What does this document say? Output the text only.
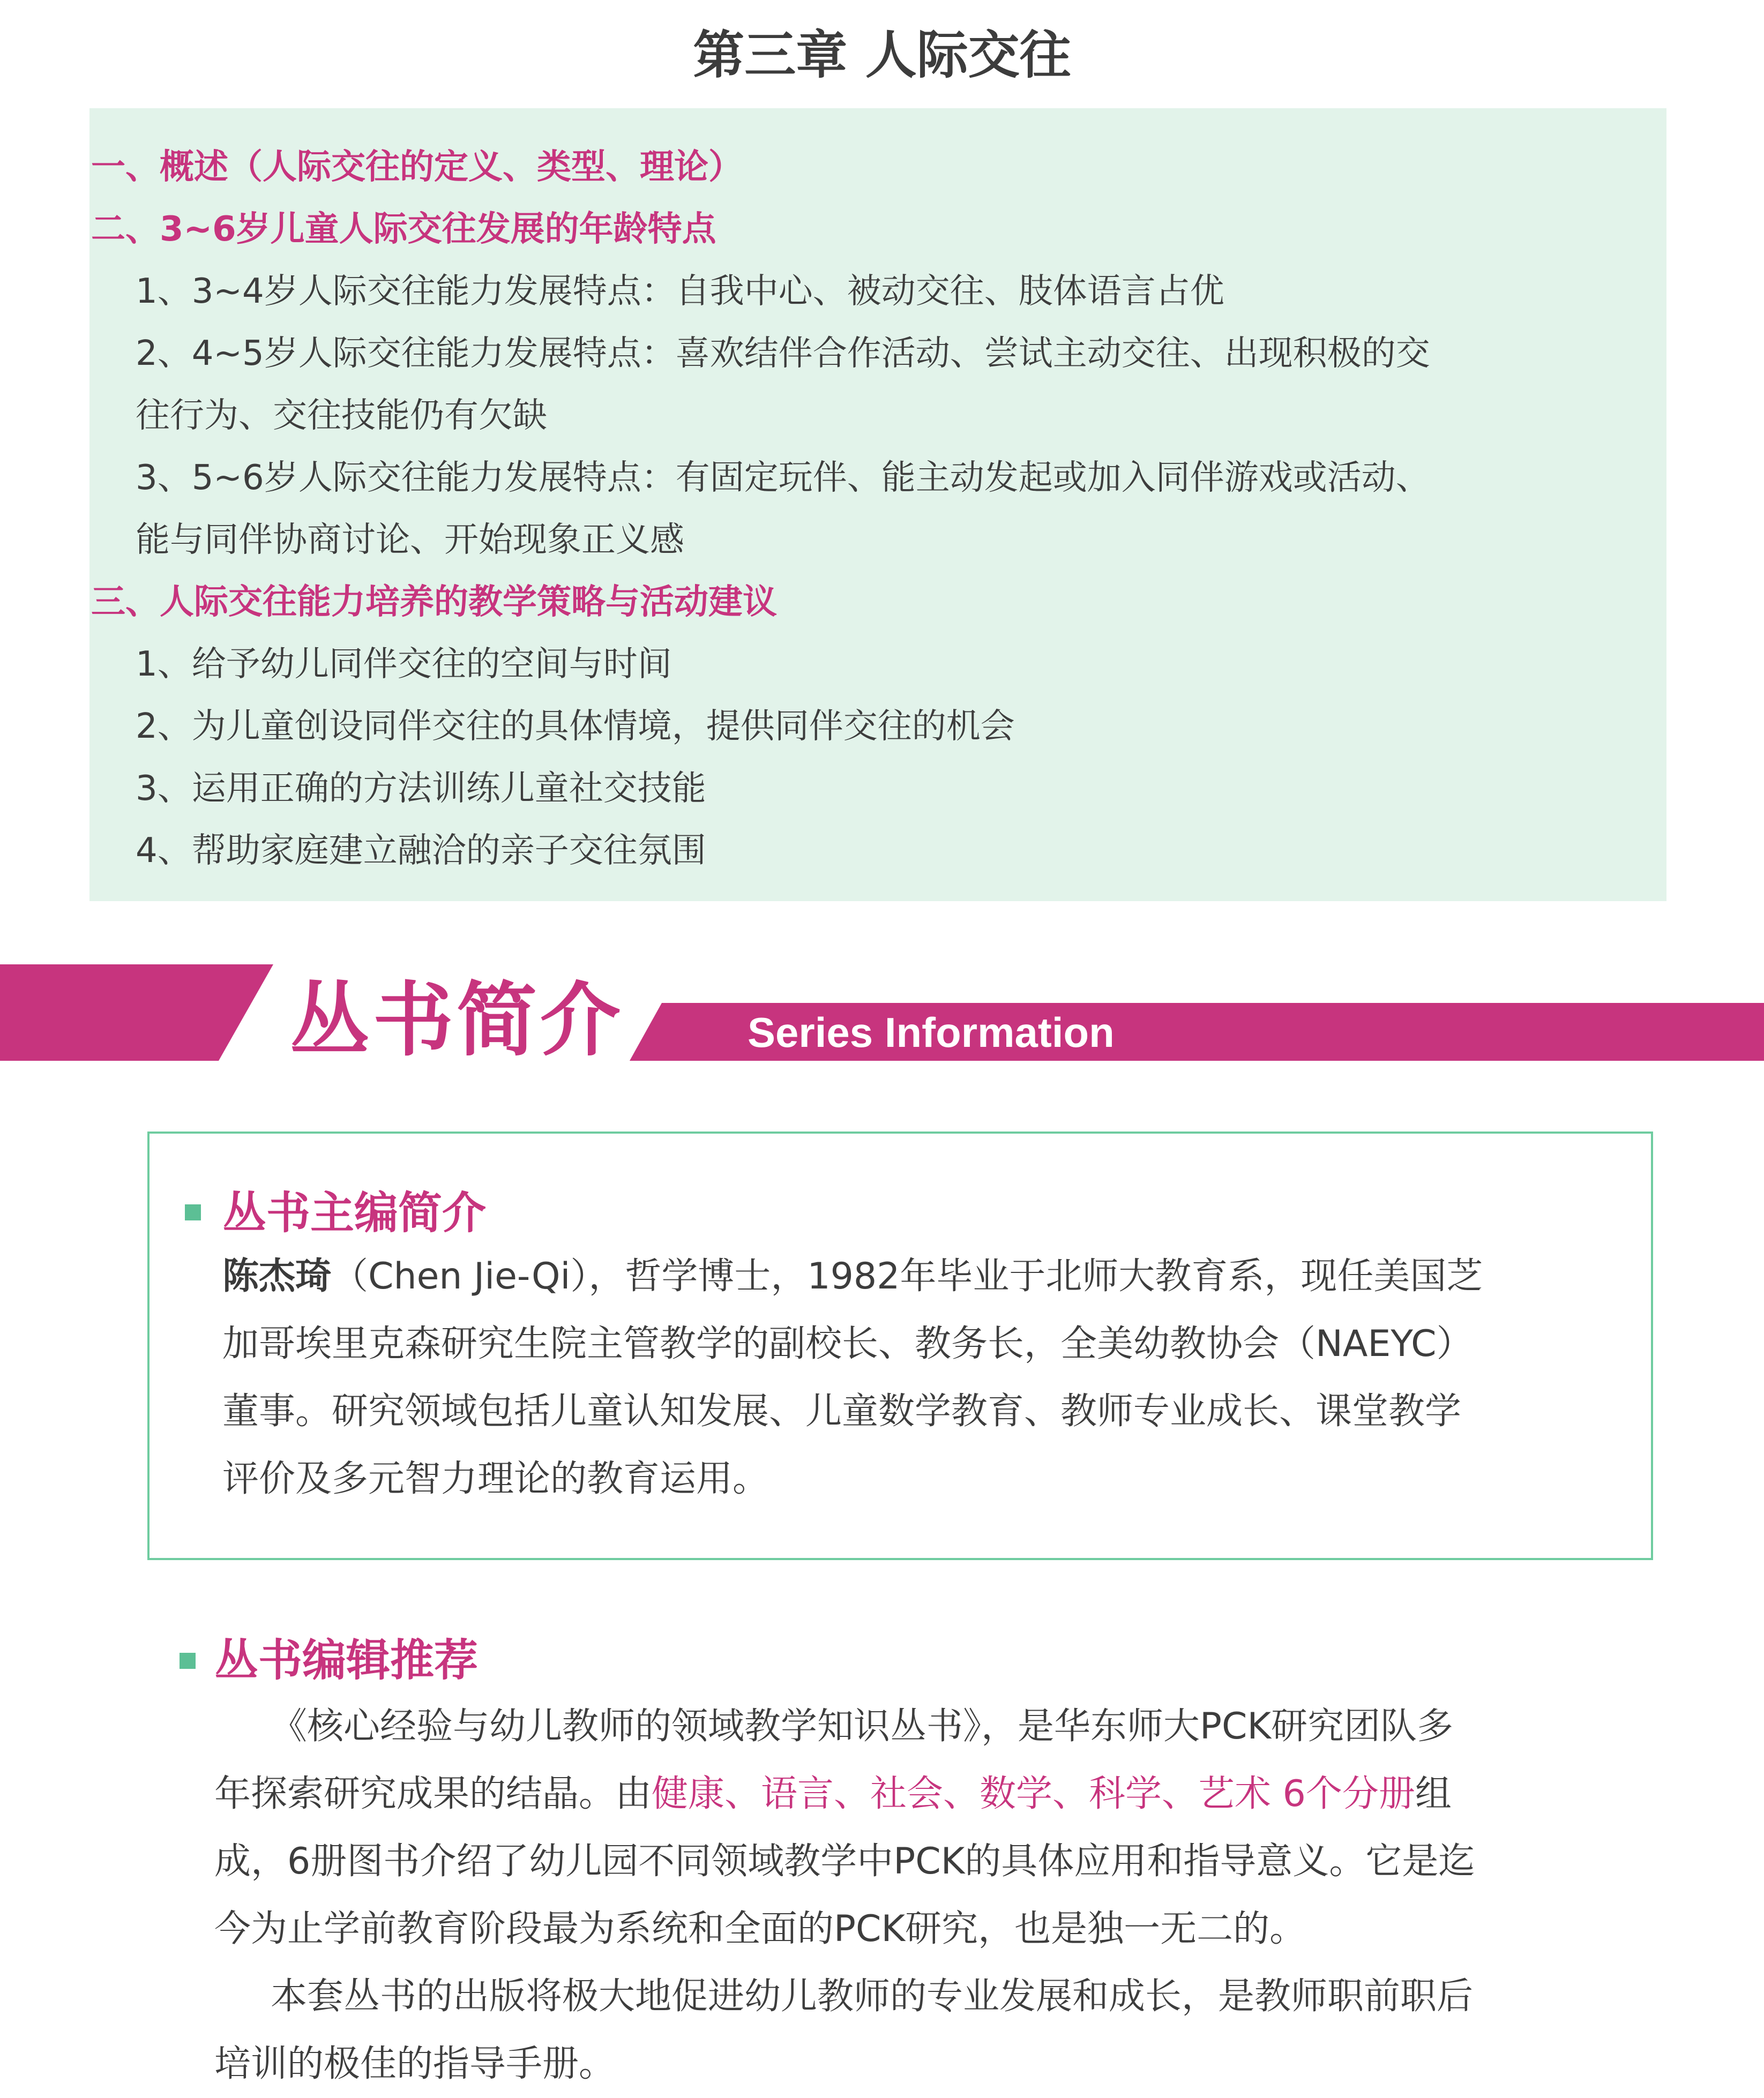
第三章 人际交往

一、概述（人际交往的定义、类型、理论）

二、3~6岁儿童人际交往发展的年龄特点

1、3~4岁人际交往能力发展特点：自我中心、被动交往、肢体语言占优

2、4~5岁人际交往能力发展特点：喜欢结伴合作活动、尝试主动交往、出现积极的交

往行为、交往技能仍有欠缺

3、5~6岁人际交往能力发展特点：有固定玩伴、能主动发起或加入同伴游戏或活动、

能与同伴协商讨论、开始现象正义感

三、人际交往能力培养的教学策略与活动建议

1、给予幼儿同伴交往的空间与时间

2、为儿童创设同伴交往的具体情境，提供同伴交往的机会

3、运用正确的方法训练儿童社交技能

4、帮助家庭建立融洽的亲子交往氛围

丛书简介	Series Information

丛书主编简介

陈杰琦（Chen Jie-Qi），哲学博士，1982年毕业于北师大教育系，现任美国芝

加哥埃里克森研究生院主管教学的副校长、教务长，全美幼教协会（NAEYC）

董事。研究领域包括儿童认知发展、儿童数学教育、教师专业成长、课堂教学

评价及多元智力理论的教育运用。

丛书编辑推荐

《核心经验与幼儿教师的领域教学知识丛书》，是华东师大PCK研究团队多

年探索研究成果的结晶。由健康、语言、社会、数学、科学、艺术 6个分册组

成，6册图书介绍了幼儿园不同领域教学中PCK的具体应用和指导意义。它是迄

今为止学前教育阶段最为系统和全面的PCK研究，也是独一无二的。

本套丛书的出版将极大地促进幼儿教师的专业发展和成长，是教师职前职后

培训的极佳的指导手册。
